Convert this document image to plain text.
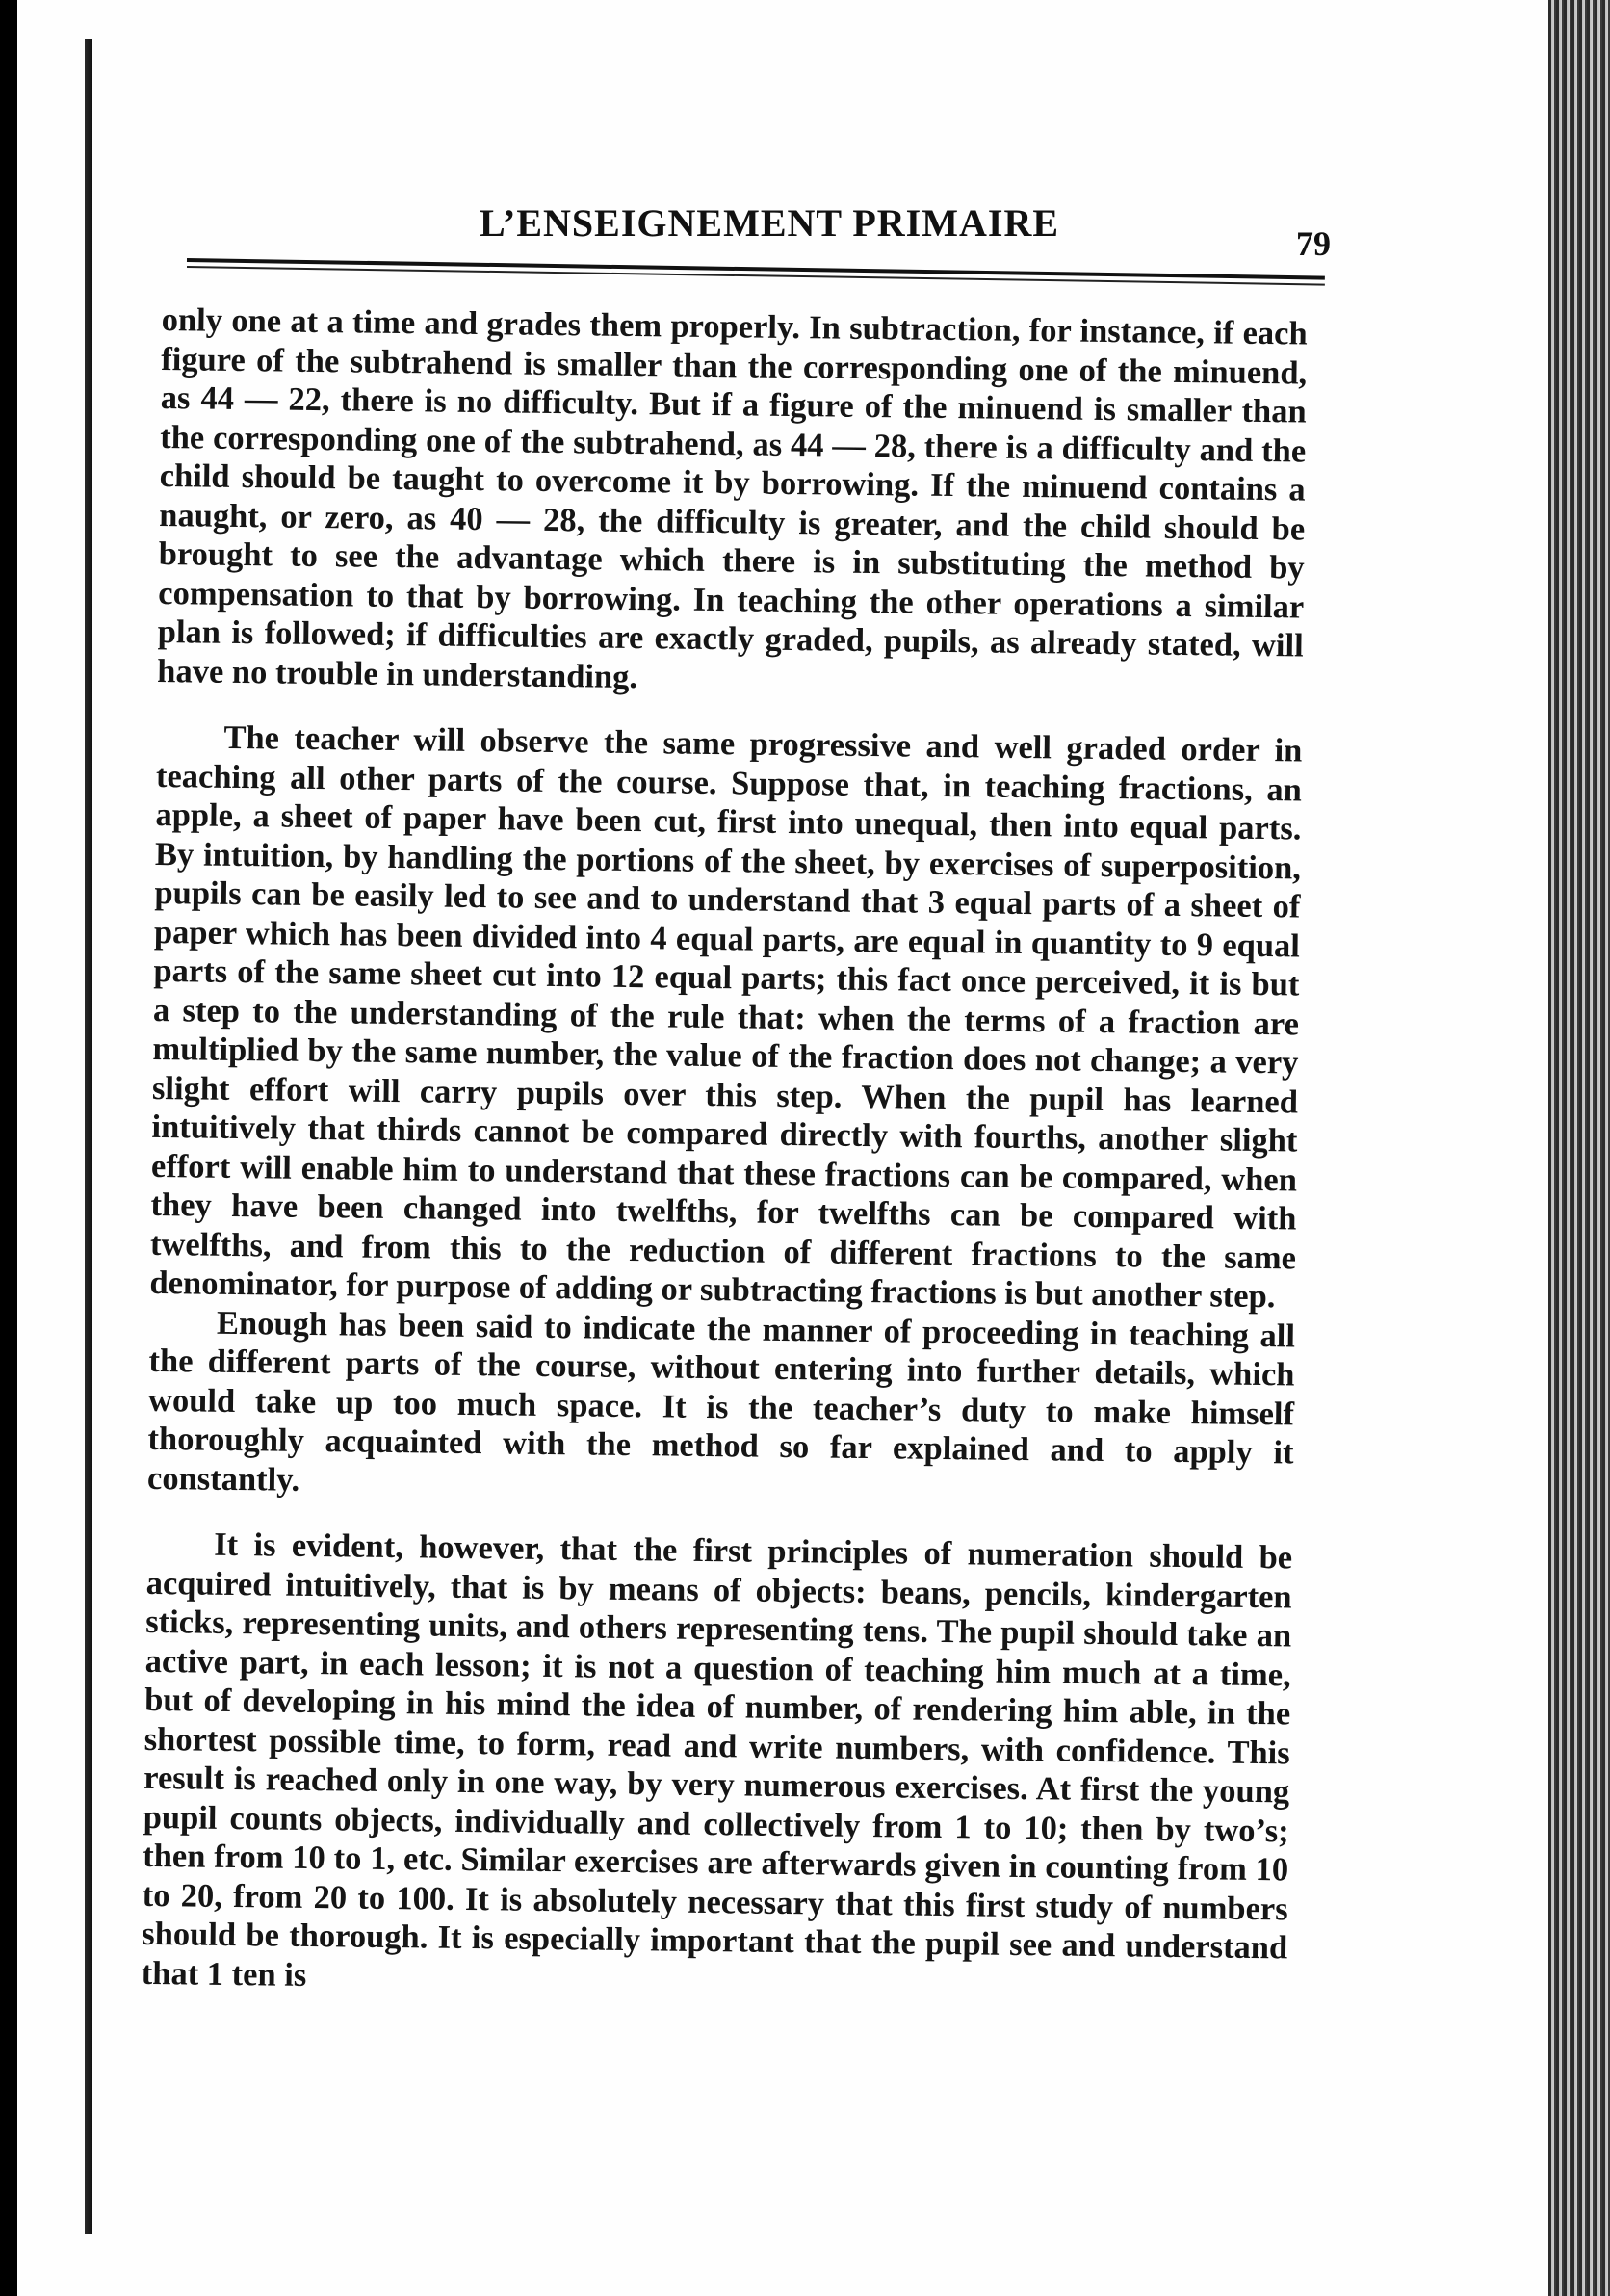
L’ENSEIGNEMENT PRIMAIRE	79

only one at a time and grades them properly. In subtraction, for instance, if each figure of the subtrahend is smaller than the corresponding one of the minuend, as 44 — 22, there is no difficulty. But if a figure of the minuend is smaller than the corresponding one of the subtrahend, as 44 — 28, there is a difficulty and the child should be taught to overcome it by borrowing. If the minuend contains a naught, or zero, as 40 — 28, the difficulty is greater, and the child should be brought to see the advantage which there is in substituting the method by compensation to that by borrowing. In teaching the other operations a similar plan is followed; if difficulties are exactly graded, pupils, as already stated, will have no trouble in understanding.

The teacher will observe the same progressive and well graded order in teaching all other parts of the course. Suppose that, in teaching fractions, an apple, a sheet of paper have been cut, first into unequal, then into equal parts. By intuition, by handling the portions of the sheet, by exercises of superposition, pupils can be easily led to see and to understand that 3 equal parts of a sheet of paper which has been divided into 4 equal parts, are equal in quantity to 9 equal parts of the same sheet cut into 12 equal parts; this fact once perceived, it is but a step to the understanding of the rule that: when the terms of a fraction are multiplied by the same number, the value of the fraction does not change; a very slight effort will carry pupils over this step. When the pupil has learned intuitively that thirds cannot be compared directly with fourths, another slight effort will enable him to understand that these fractions can be compared, when they have been changed into twelfths, for twelfths can be compared with twelfths, and from this to the reduction of different fractions to the same denominator, for purpose of adding or subtracting fractions is but another step.

Enough has been said to indicate the manner of proceeding in teaching all the different parts of the course, without entering into further details, which would take up too much space. It is the teacher’s duty to make himself thoroughly acquainted with the method so far explained and to apply it constantly.

It is evident, however, that the first principles of numeration should be acquired intuitively, that is by means of objects: beans, pencils, kindergarten sticks, representing units, and others representing tens. The pupil should take an active part, in each lesson; it is not a question of teaching him much at a time, but of developing in his mind the idea of number, of rendering him able, in the shortest possible time, to form, read and write numbers, with confidence. This result is reached only in one way, by very numerous exercises. At first the young pupil counts objects, individually and collectively from 1 to 10; then by two’s; then from 10 to 1, etc. Similar exercises are afterwards given in counting from 10 to 20, from 20 to 100. It is absolutely necessary that this first study of numbers should be thorough. It is especially important that the pupil see and understand that 1 ten is
